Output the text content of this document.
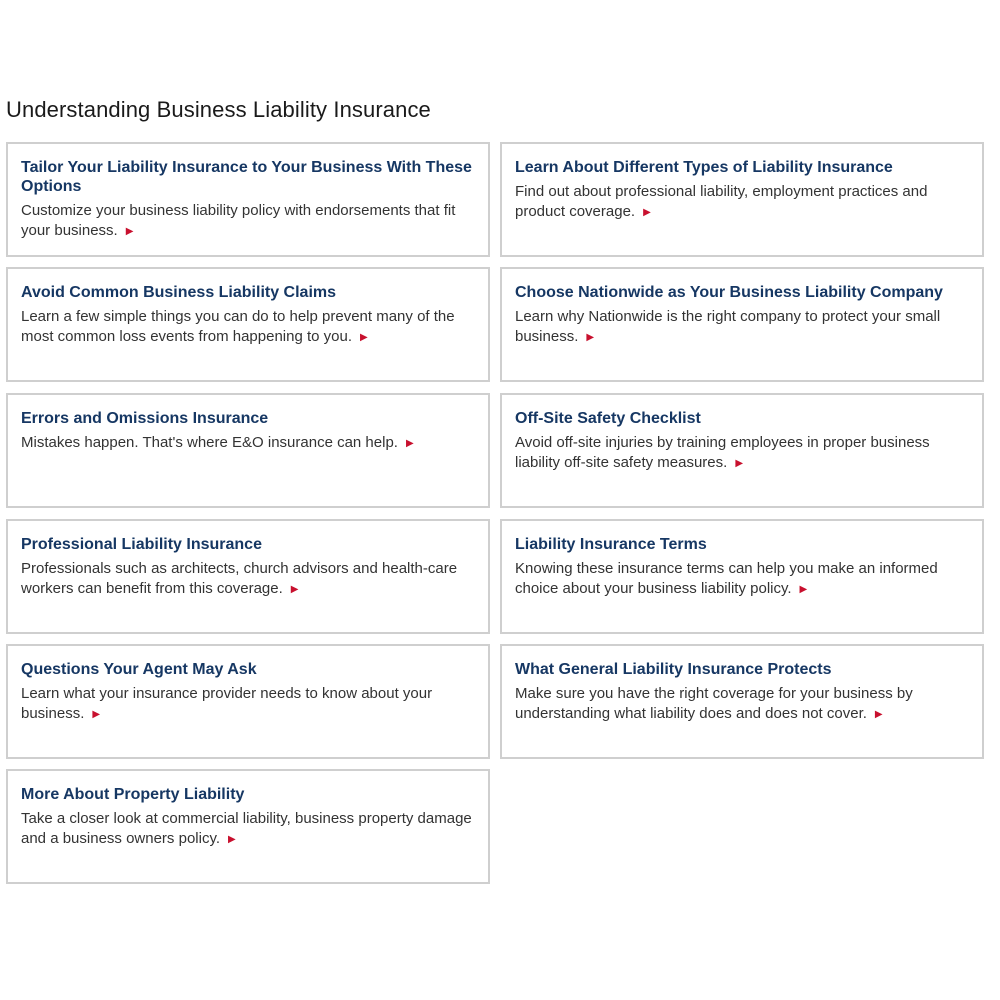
Understanding Business Liability Insurance
Tailor Your Liability Insurance to Your Business With These Options

Customize your business liability policy with endorsements that fit your business. ▶

Learn About Different Types of Liability Insurance

Find out about professional liability, employment practices and product coverage. ▶

Avoid Common Business Liability Claims

Learn a few simple things you can do to help prevent many of the most common loss events from happening to you. ▶

Choose Nationwide as Your Business Liability Company

Learn why Nationwide is the right company to protect your small business. ▶

Errors and Omissions Insurance

Mistakes happen. That's where E&O insurance can help. ▶

Off-Site Safety Checklist

Avoid off-site injuries by training employees in proper business liability off-site safety measures. ▶

Professional Liability Insurance

Professionals such as architects, church advisors and health-care workers can benefit from this coverage. ▶

Liability Insurance Terms

Knowing these insurance terms can help you make an informed choice about your business liability policy. ▶

Questions Your Agent May Ask

Learn what your insurance provider needs to know about your business. ▶

What General Liability Insurance Protects

Make sure you have the right coverage for your business by understanding what liability does and does not cover. ▶

More About Property Liability

Take a closer look at commercial liability, business property damage and a business owners policy. ▶
